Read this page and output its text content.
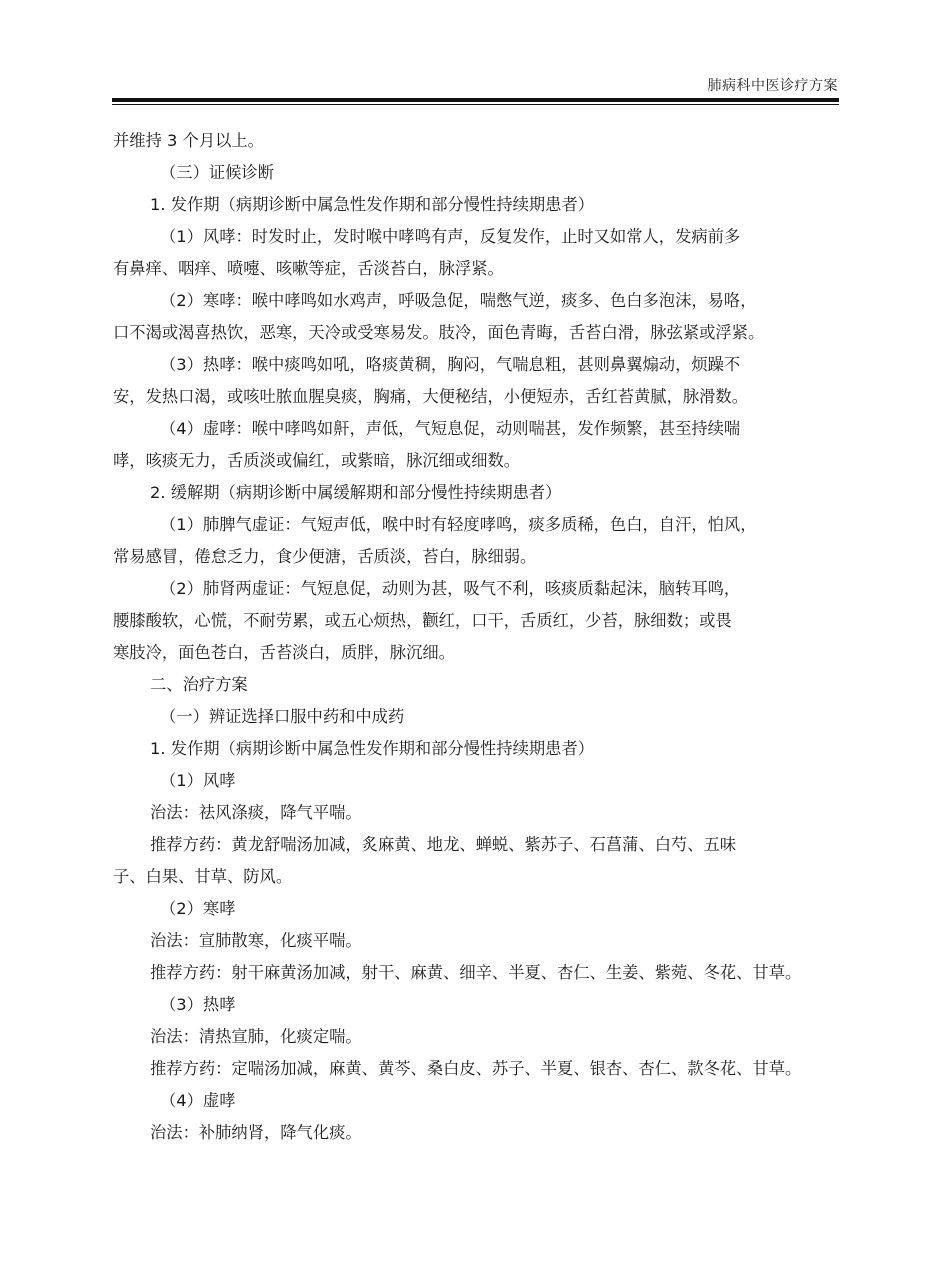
肺病科中医诊疗方案
并维持 3 个月以上。
（三）证候诊断
1. 发作期（病期诊断中属急性发作期和部分慢性持续期患者）
（1）风哮：时发时止，发时喉中哮鸣有声，反复发作，止时又如常人，发病前多
有鼻痒、咽痒、喷嚏、咳嗽等症，舌淡苔白，脉浮紧。
（2）寒哮：喉中哮鸣如水鸡声，呼吸急促，喘憋气逆，痰多、色白多泡沫，易咯，
口不渴或渴喜热饮，恶寒，天冷或受寒易发。肢冷，面色青晦，舌苔白滑，脉弦紧或浮紧。
（3）热哮：喉中痰鸣如吼，咯痰黄稠，胸闷，气喘息粗，甚则鼻翼煽动，烦躁不
安，发热口渴，或咳吐脓血腥臭痰，胸痛，大便秘结，小便短赤，舌红苔黄腻，脉滑数。
（4）虚哮：喉中哮鸣如鼾，声低，气短息促，动则喘甚，发作频繁，甚至持续喘
哮，咳痰无力，舌质淡或偏红，或紫暗，脉沉细或细数。
2. 缓解期（病期诊断中属缓解期和部分慢性持续期患者）
（1）肺脾气虚证：气短声低，喉中时有轻度哮鸣，痰多质稀，色白，自汗，怕风，
常易感冒，倦怠乏力，食少便溏，舌质淡，苔白，脉细弱。
（2）肺肾两虚证：气短息促，动则为甚，吸气不利，咳痰质黏起沫，脑转耳鸣，
腰膝酸软，心慌，不耐劳累，或五心烦热，颧红，口干，舌质红，少苔，脉细数；或畏
寒肢冷，面色苍白，舌苔淡白，质胖，脉沉细。
二、治疗方案
（一）辨证选择口服中药和中成药
1. 发作期（病期诊断中属急性发作期和部分慢性持续期患者）
（1）风哮
治法：祛风涤痰，降气平喘。
推荐方药：黄龙舒喘汤加减，炙麻黄、地龙、蝉蜕、紫苏子、石菖蒲、白芍、五味
子、白果、甘草、防风。
（2）寒哮
治法：宣肺散寒，化痰平喘。
推荐方药：射干麻黄汤加减，射干、麻黄、细辛、半夏、杏仁、生姜、紫菀、冬花、甘草。
（3）热哮
治法：清热宣肺，化痰定喘。
推荐方药：定喘汤加减，麻黄、黄芩、桑白皮、苏子、半夏、银杏、杏仁、款冬花、甘草。
（4）虚哮
治法：补肺纳肾，降气化痰。
